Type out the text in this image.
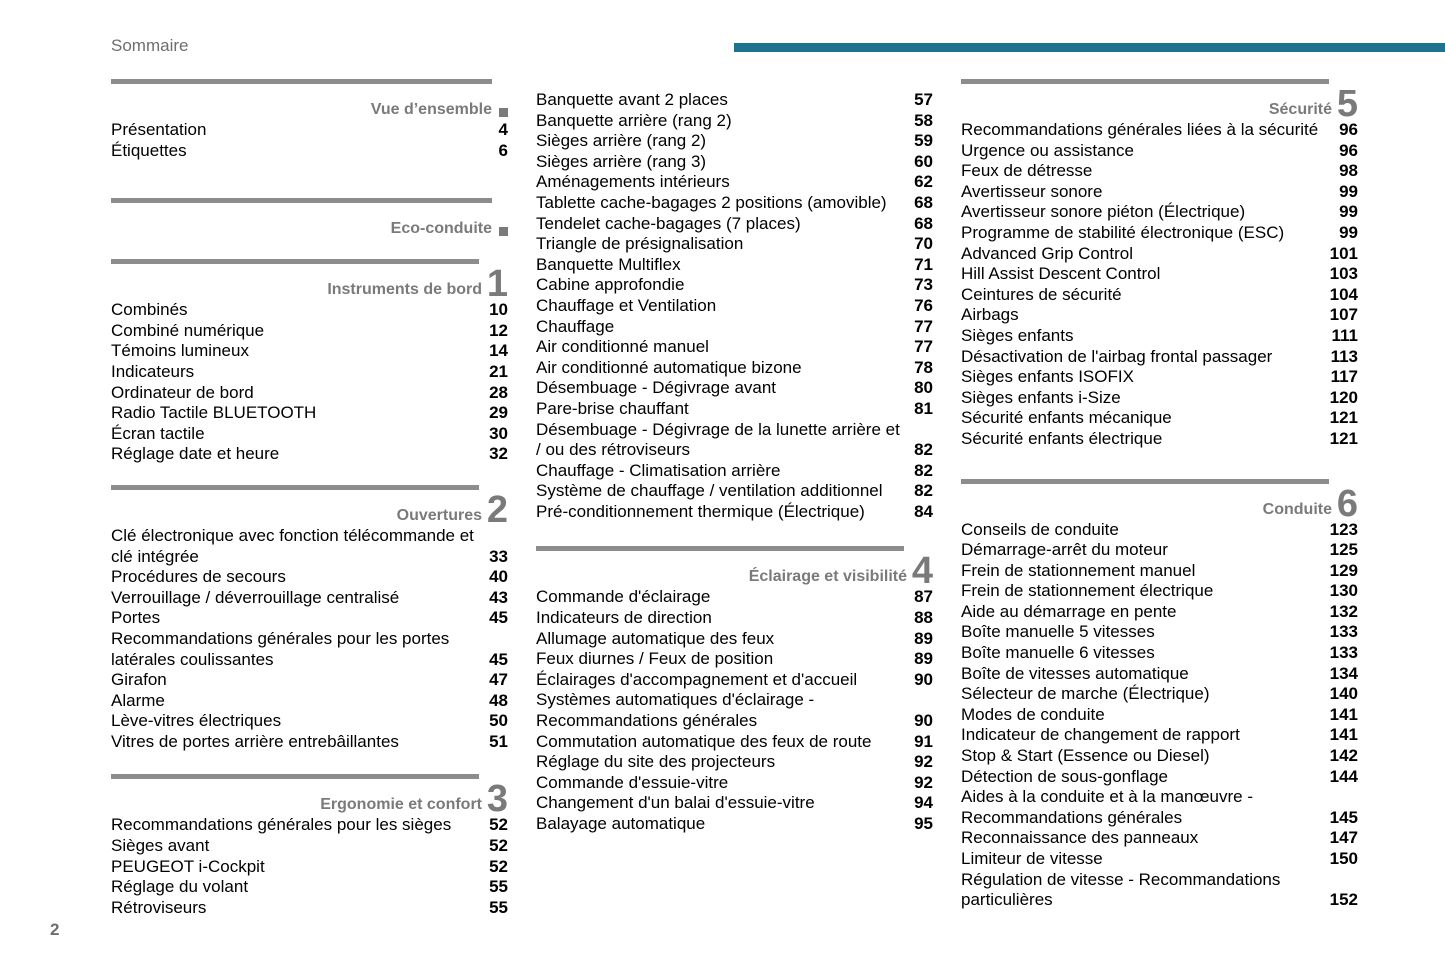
Sommaire
Vue d’ensemble
Présentation	4
Étiquettes	6
Eco-conduite
Instruments de bord 1
Combinés	10
Combiné numérique	12
Témoins lumineux	14
Indicateurs	21
Ordinateur de bord	28
Radio Tactile BLUETOOTH	29
Écran tactile	30
Réglage date et heure	32
Ouvertures 2
Clé électronique avec fonction télécommande et clé intégrée	33
Procédures de secours	40
Verrouillage / déverrouillage centralisé	43
Portes	45
Recommandations générales pour les portes latérales coulissantes	45
Girafon	47
Alarme	48
Lève-vitres électriques	50
Vitres de portes arrière entrebâillantes	51
Ergonomie et confort 3
Recommandations générales pour les sièges	52
Sièges avant	52
PEUGEOT i-Cockpit	52
Réglage du volant	55
Rétroviseurs	55
Banquette avant 2 places	57
Banquette arrière (rang 2)	58
Sièges arrière (rang 2)	59
Sièges arrière (rang 3)	60
Aménagements intérieurs	62
Tablette cache-bagages 2 positions (amovible)	68
Tendelet cache-bagages (7 places)	68
Triangle de présignalisation	70
Banquette Multiflex	71
Cabine approfondie	73
Chauffage et Ventilation	76
Chauffage	77
Air conditionné manuel	77
Air conditionné automatique bizone	78
Désembuage - Dégivrage avant	80
Pare-brise chauffant	81
Désembuage - Dégivrage de la lunette arrière et / ou des rétroviseurs	82
Chauffage - Climatisation arrière	82
Système de chauffage / ventilation additionnel	82
Pré-conditionnement thermique (Électrique)	84
Éclairage et visibilité 4
Commande d'éclairage	87
Indicateurs de direction	88
Allumage automatique des feux	89
Feux diurnes / Feux de position	89
Éclairages d'accompagnement et d'accueil	90
Systèmes automatiques d'éclairage - Recommandations générales	90
Commutation automatique des feux de route	91
Réglage du site des projecteurs	92
Commande d'essuie-vitre	92
Changement d'un balai d'essuie-vitre	94
Balayage automatique	95
Sécurité 5
Recommandations générales liées à la sécurité	96
Urgence ou assistance	96
Feux de détresse	98
Avertisseur sonore	99
Avertisseur sonore piéton (Électrique)	99
Programme de stabilité électronique (ESC)	99
Advanced Grip Control	101
Hill Assist Descent Control	103
Ceintures de sécurité	104
Airbags	107
Sièges enfants	111
Désactivation de l'airbag frontal passager	113
Sièges enfants ISOFIX	117
Sièges enfants i-Size	120
Sécurité enfants mécanique	121
Sécurité enfants électrique	121
Conduite 6
Conseils de conduite	123
Démarrage-arrêt du moteur	125
Frein de stationnement manuel	129
Frein de stationnement électrique	130
Aide au démarrage en pente	132
Boîte manuelle 5 vitesses	133
Boîte manuelle 6 vitesses	133
Boîte de vitesses automatique	134
Sélecteur de marche (Électrique)	140
Modes de conduite	141
Indicateur de changement de rapport	141
Stop & Start (Essence ou Diesel)	142
Détection de sous-gonflage	144
Aides à la conduite et à la manœuvre - Recommandations générales	145
Reconnaissance des panneaux	147
Limiteur de vitesse	150
Régulation de vitesse - Recommandations particulières	152
2
